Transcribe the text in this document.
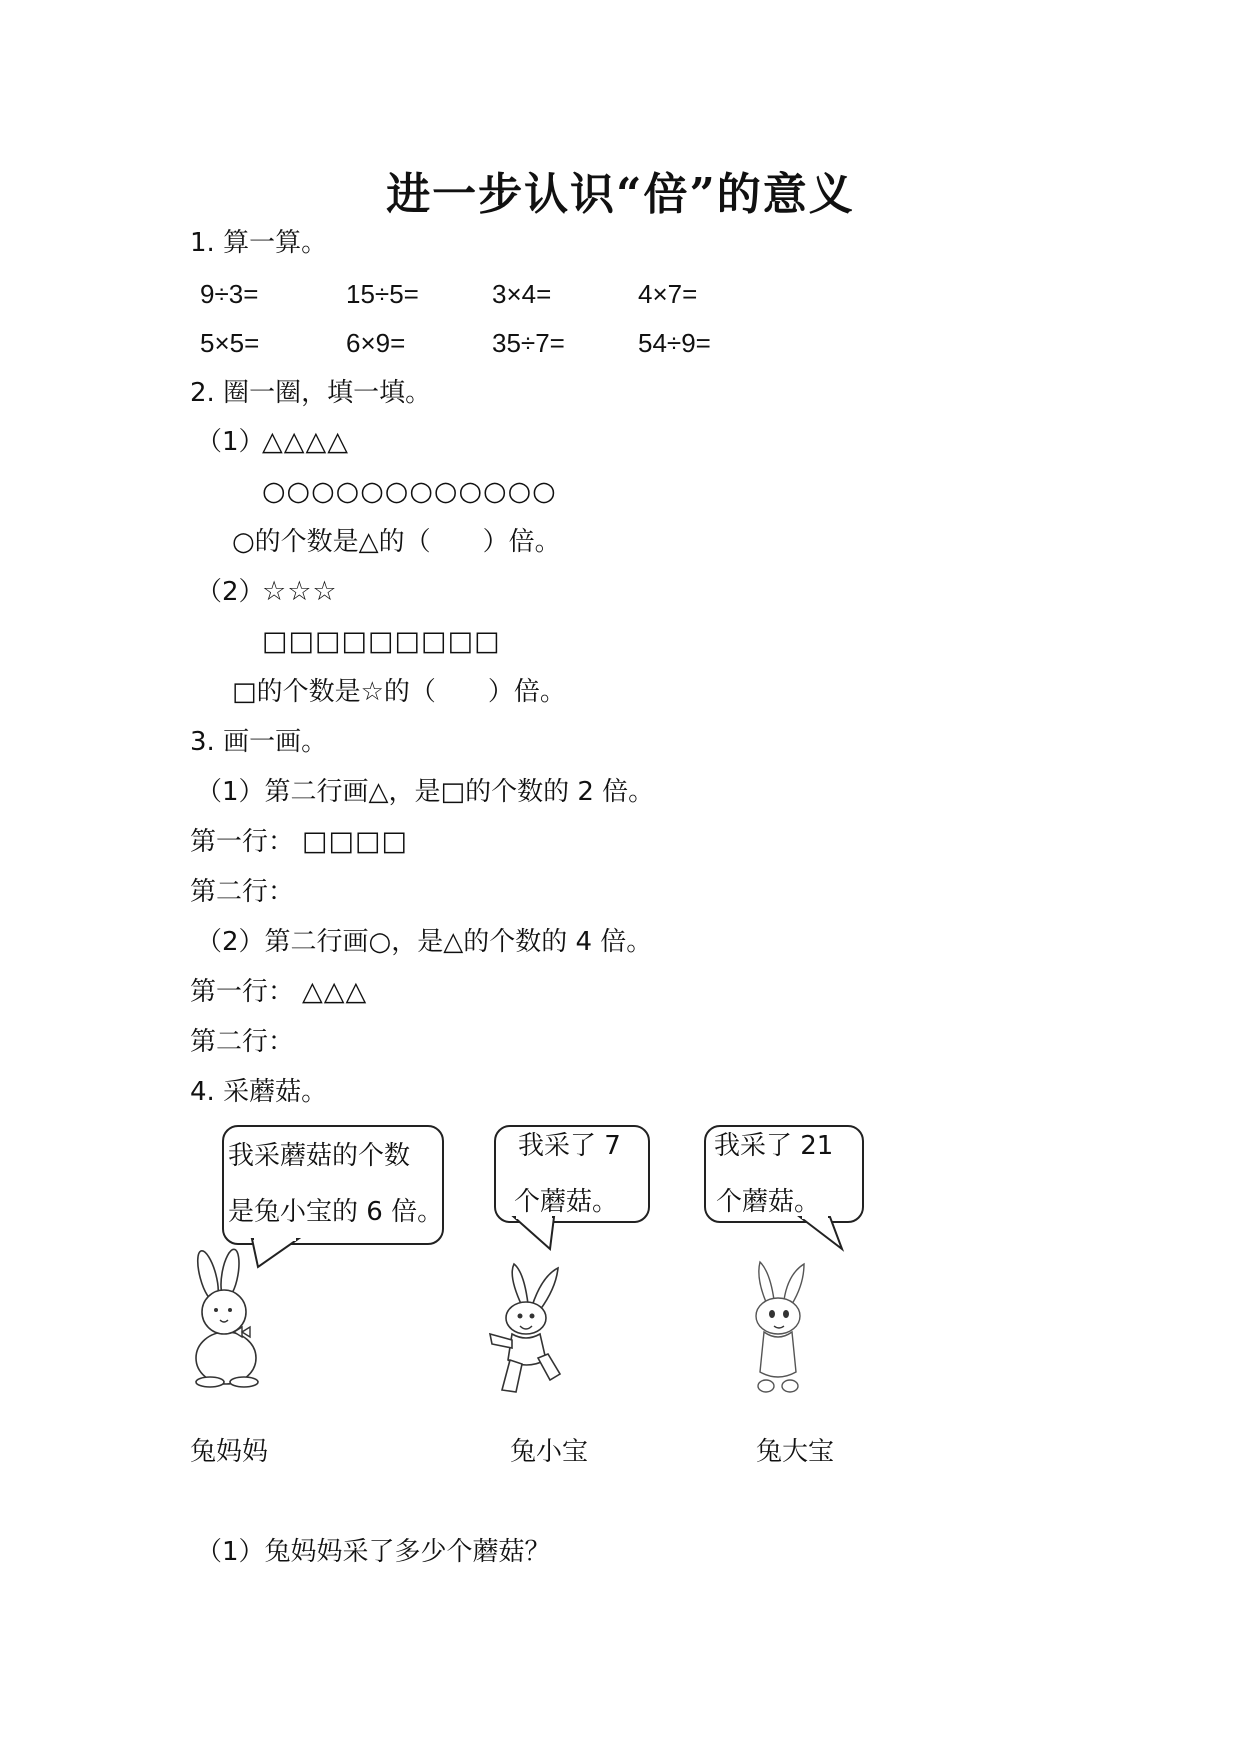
进一步认识“倍”的意义
1. 算一算。
9÷3=	15÷5=	3×4=	4×7=
5×5=	6×9=	35÷7=	54÷9=
2. 圈一圈，填一填。
（1）
△△△△
○○○○○○○○○○○○
○的个数是△的（　　）倍。
（2）
☆☆☆
□□□□□□□□□
□的个数是☆的（　　）倍。
3. 画一画。
（1）第二行画△，是□的个数的 2 倍。
第一行： □□□□
第二行：
（2）第二行画○，是△的个数的 4 倍。
第一行： △△△
第二行：
4. 采蘑菇。
我采蘑菇的个数
是兔小宝的 6 倍。
我采了 7
个蘑菇。
我采了 21
个蘑菇。
兔妈妈	兔小宝	兔大宝
（1）兔妈妈采了多少个蘑菇？
